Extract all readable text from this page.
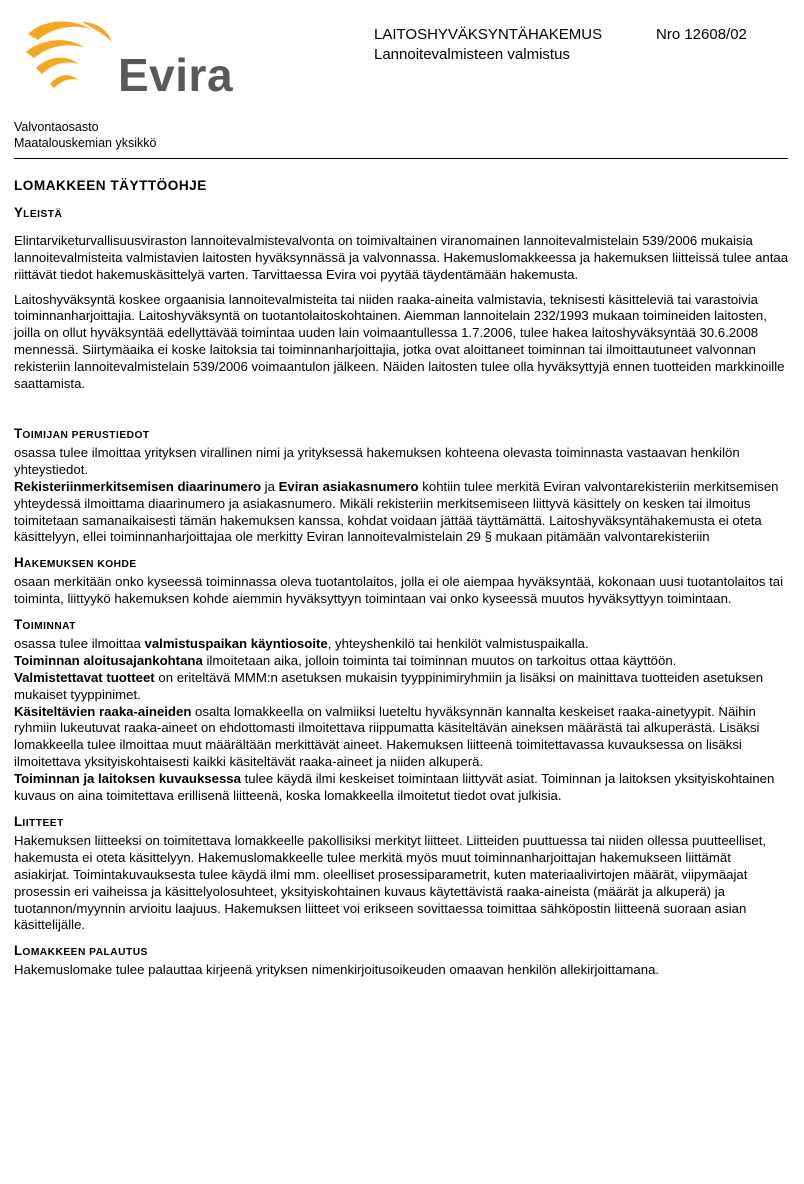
Evira
LAITOSHYVÄKSYNTÄHAKEMUS
Lannoitevalmisteen valmistus
Nro 12608/02
Valvontaosasto
Maatalouskemian yksikkö
LOMAKKEEN TÄYTTÖOHJE
YLEISTÄ

Elintarviketurvallisuusviraston lannoitevalmistevalvonta on toimivaltainen viranomainen lannoitevalmistelain 539/2006 mukaisia lannoitevalmisteita valmistavien laitosten hyväksynnässä ja valvonnassa. Hakemuslomakkeessa ja hakemuksen liitteissä tulee antaa riittävät tiedot hakemuskäsittelyä varten. Tarvittaessa Evira voi pyytää täydentämään hakemusta.

Laitoshyväksyntä koskee orgaanisia lannoitevalmisteita tai niiden raaka-aineita valmistavia, teknisesti käsitteleviä tai varastoivia toiminnanharjoittajia. Laitoshyväksyntä on tuotantolaitoskohtainen. Aiemman lannoitelain 232/1993 mukaan toimineiden laitosten, joilla on ollut hyväksyntää edellyttävää toimintaa uuden lain voimaantullessa 1.7.2006, tulee hakea laitoshyväksyntää 30.6.2008 mennessä. Siirtymäaika ei koske laitoksia tai toiminnanharjoittajia, jotka ovat aloittaneet toiminnan tai ilmoittautuneet valvonnan rekisteriin lannoitevalmistelain 539/2006 voimaantulon jälkeen. Näiden laitosten tulee olla hyväksyttyjä ennen tuotteiden markkinoille saattamista.

TOIMIJAN PERUSTIEDOT

osassa tulee ilmoittaa yrityksen virallinen nimi ja yrityksessä hakemuksen kohteena olevasta toiminnasta vastaavan henkilön yhteystiedot.

Rekisteriinmerkitsemisen diaarinumero ja Eviran asiakasnumero kohtiin tulee merkitä Eviran valvontarekisteriin merkitsemisen yhteydessä ilmoittama diaarinumero ja asiakasnumero. Mikäli rekisteriin merkitsemiseen liittyvä käsittely on kesken tai ilmoitus toimitetaan samanaikaisesti tämän hakemuksen kanssa, kohdat voidaan jättää täyttämättä. Laitoshyväksyntähakemusta ei oteta käsittelyyn, ellei toiminnanharjoittajaa ole merkitty Eviran lannoitevalmistelain 29 § mukaan pitämään valvontarekisteriin

HAKEMUKSEN KOHDE

osaan merkitään onko kyseessä toiminnassa oleva tuotantolaitos, jolla ei ole aiempaa hyväksyntää, kokonaan uusi tuotantolaitos tai toiminta, liittyykö hakemuksen kohde aiemmin hyväksyttyyn toimintaan vai onko kyseessä muutos hyväksyttyyn toimintaan.

TOIMINNAT

osassa tulee ilmoittaa valmistuspaikan käyntiosoite, yhteyshenkilö tai henkilöt valmistuspaikalla.

Toiminnan aloitusajankohtana ilmoitetaan aika, jolloin toiminta tai toiminnan muutos on tarkoitus ottaa käyttöön.

Valmistettavat tuotteet on eriteltävä MMM:n asetuksen mukaisin tyyppinimiryhmiin ja lisäksi on mainittava tuotteiden asetuksen mukaiset tyyppinimet.

Käsiteltävien raaka-aineiden osalta lomakkeella on valmiiksi lueteltu hyväksynnän kannalta keskeiset raaka-ainetyypit. Näihin ryhmiin lukeutuvat raaka-aineet on ehdottomasti ilmoitettava riippumatta käsiteltävän aineksen määrästä tai alkuperästä. Lisäksi lomakkeella tulee ilmoittaa muut määrältään merkittävät aineet. Hakemuksen liitteenä toimitettavassa kuvauksessa on lisäksi ilmoitettava yksityiskohtaisesti kaikki käsiteltävät raaka-aineet ja niiden alkuperä.

Toiminnan ja laitoksen kuvauksessa tulee käydä ilmi keskeiset toimintaan liittyvät asiat. Toiminnan ja laitoksen yksityiskohtainen kuvaus on aina toimitettava erillisenä liitteenä, koska lomakkeella ilmoitetut tiedot ovat julkisia.

LIITTEET

Hakemuksen liitteeksi on toimitettava lomakkeelle pakollisiksi merkityt liitteet. Liitteiden puuttuessa tai niiden ollessa puutteelliset, hakemusta ei oteta käsittelyyn. Hakemuslomakkeelle tulee merkitä myös muut toiminnanharjoittajan hakemukseen liittämät asiakirjat. Toimintakuvauksesta tulee käydä ilmi mm. oleelliset prosessiparametrit, kuten materiaalivirtojen määrät, viipymäajat prosessin eri vaiheissa ja käsittelyolosuhteet, yksityiskohtainen kuvaus käytettävistä raaka-aineista (määrät ja alkuperä) ja tuotannon/myynnin arvioitu laajuus. Hakemuksen liitteet voi erikseen sovittaessa toimittaa sähköpostin liitteenä suoraan asian käsittelijälle.

LOMAKKEEN PALAUTUS

Hakemuslomake tulee palauttaa kirjeenä yrityksen nimenkirjoitusoikeuden omaavan henkilön allekirjoittamana.
